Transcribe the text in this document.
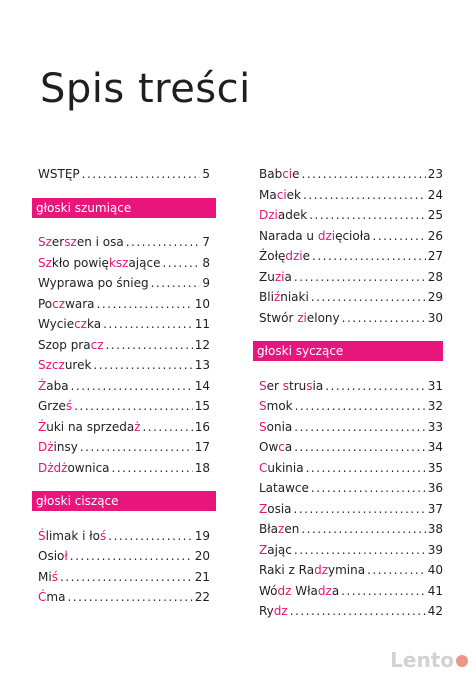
Spis treści
WSTĘP .....	5
głoski szumiące
Szerszen i osa .....	7
Szkło powiększające .....	8
Wyprawa po śnieg .....	9
Poczwara .....	10
Wycieczka .....	11
Szop pracz .....	12
Szczurek .....	13
Żaba .....	14
Grześ .....	15
Żuki na sprzedaż .....	16
Dżinsy .....	17
Dżdżownica .....	18
głoski ciszące
Ślimak i łoś .....	19
Osioł .....	20
Miś .....	21
Ćma .....	22
Babcie .....	23
Maciek .....	24
Dziadek .....	25
Narada u dzięcioła .....	26
Żołędzie .....	27
Zuzia .....	28
Bliźniaki .....	29
Stwór zielony .....	30
głoski syczące
Ser strusia .....	31
Smok .....	32
Sonia .....	33
Owca .....	34
Cukinia .....	35
Latawce .....	36
Zosia .....	37
Błazen .....	38
Zając .....	39
Raki z Radzymina .....	40
Wódz Władza .....	41
Rydz .....	42
Lento
